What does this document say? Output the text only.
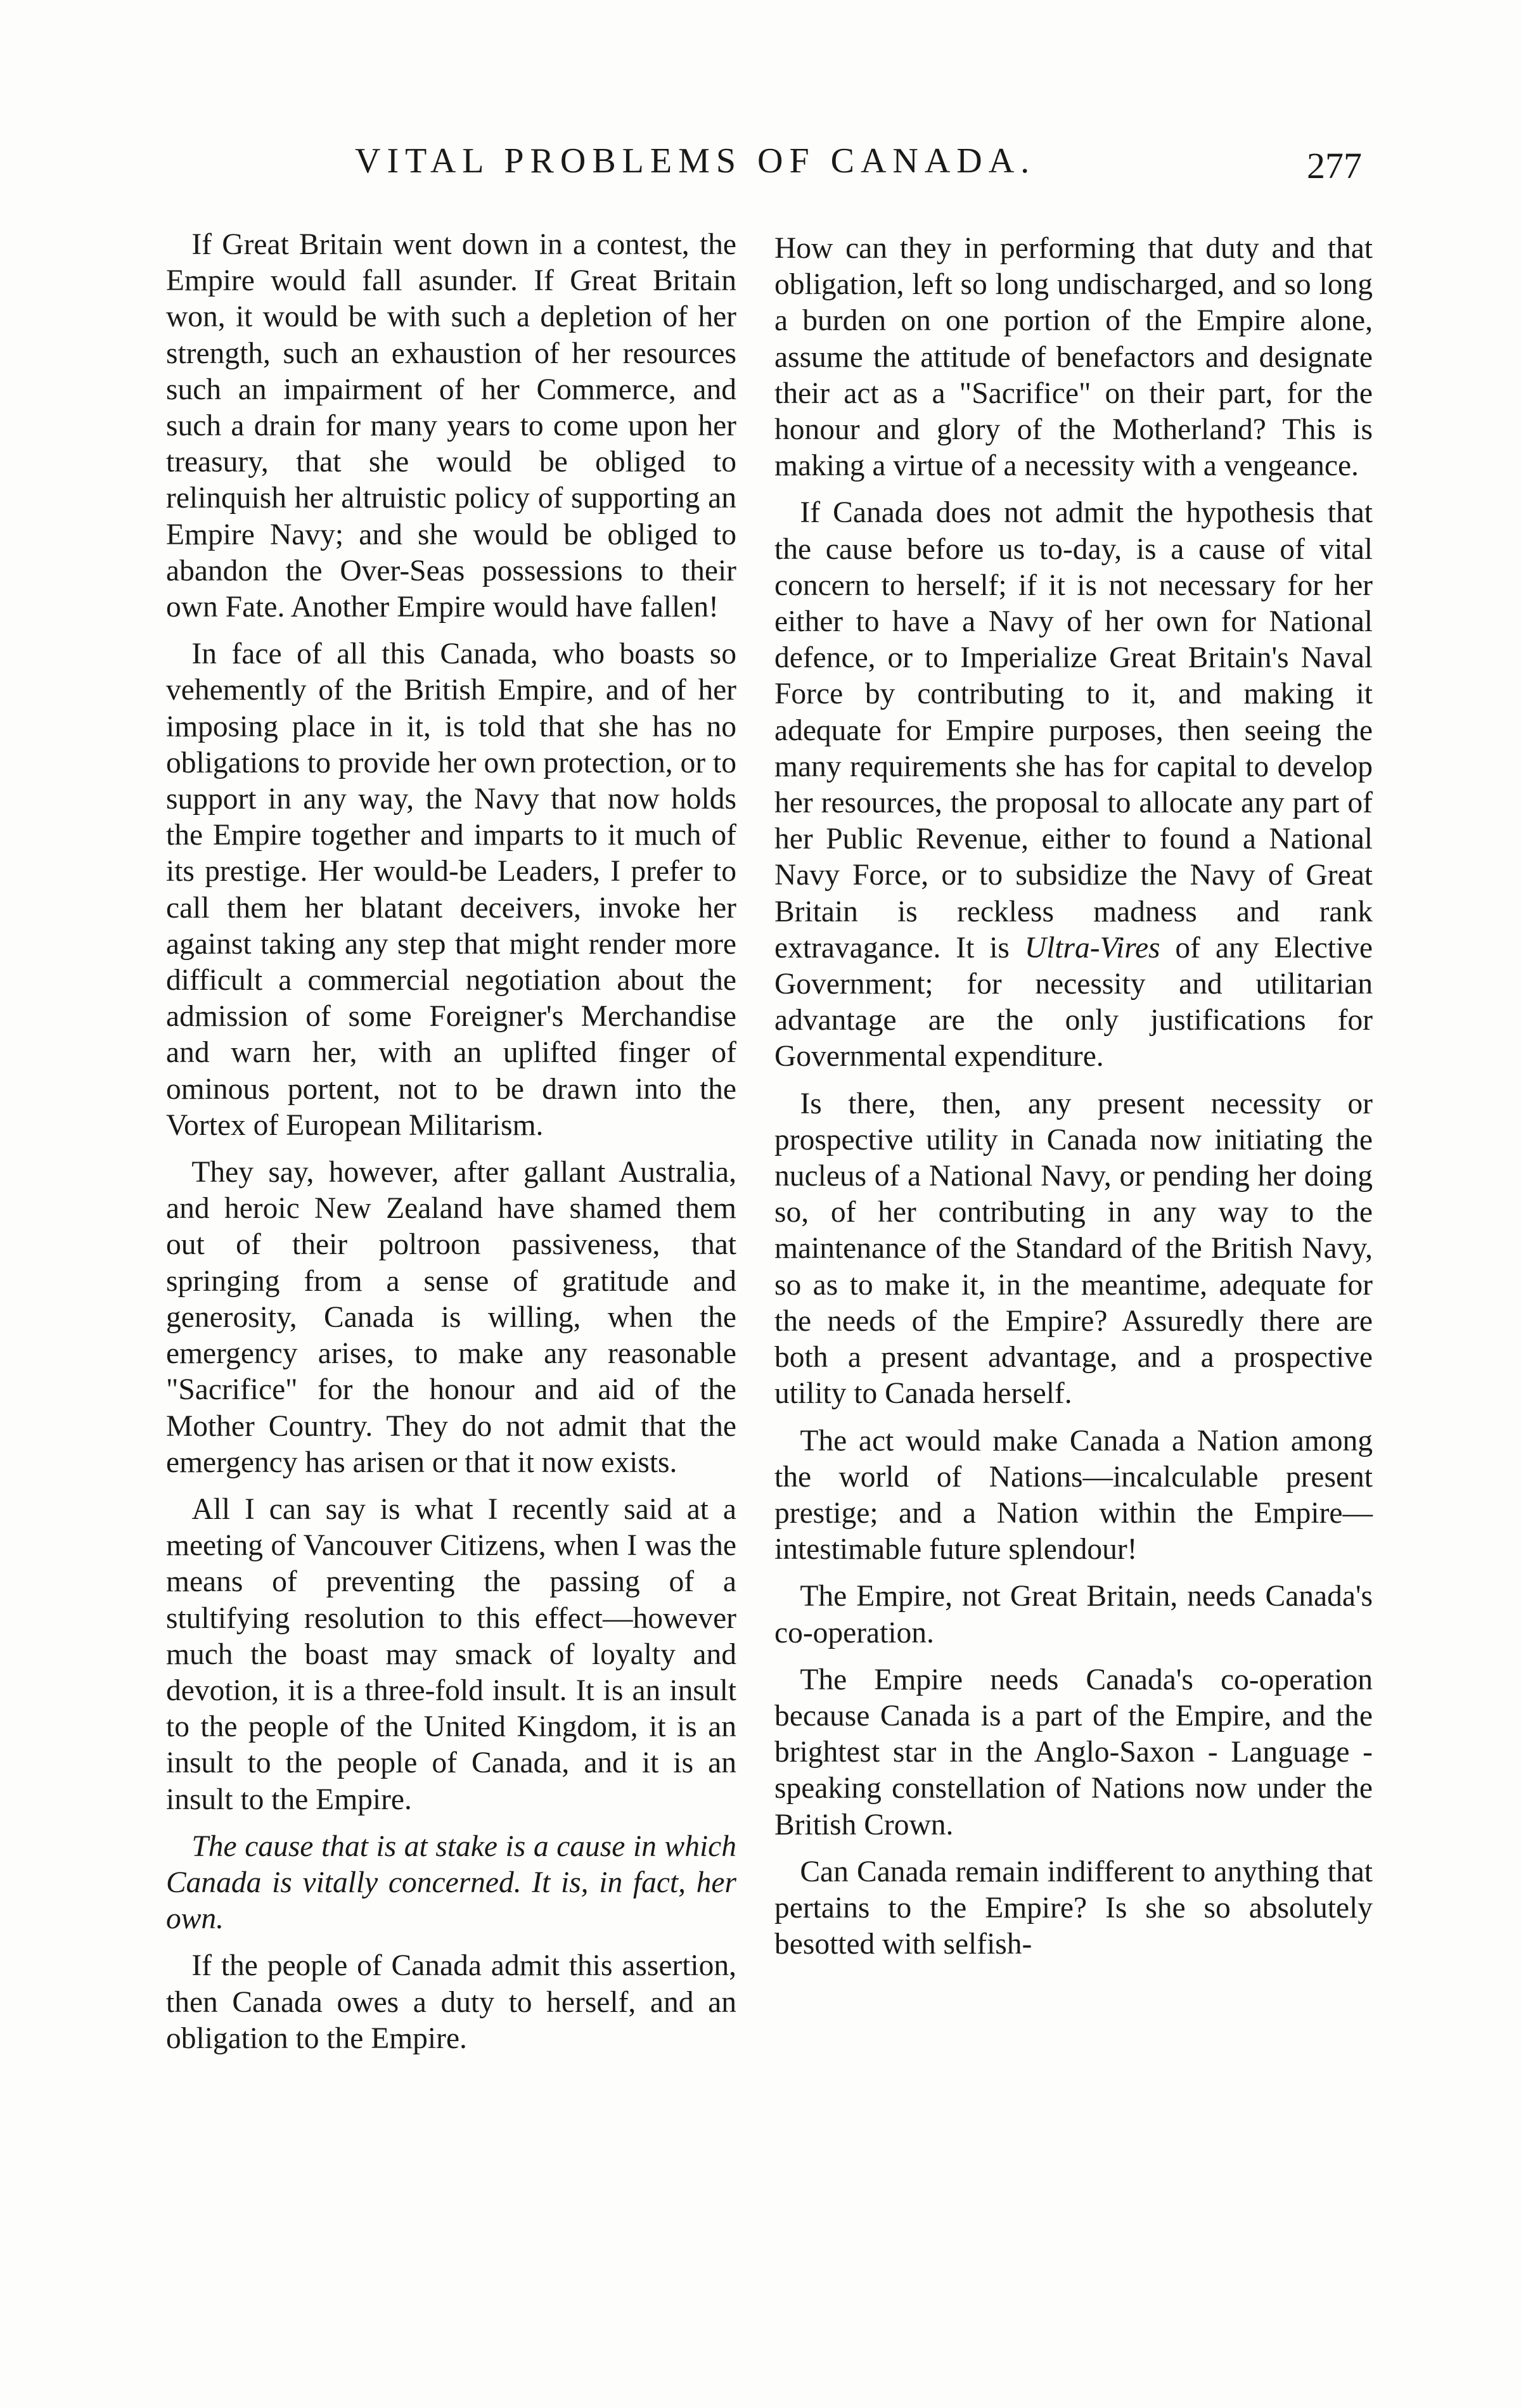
VITAL PROBLEMS OF CANADA.	277

If Great Britain went down in a contest, the Empire would fall asunder. If Great Britain won, it would be with such a depletion of her strength, such an exhaustion of her resources such an impairment of her Commerce, and such a drain for many years to come upon her treasury, that she would be obliged to relinquish her altruistic policy of supporting an Empire Navy; and she would be obliged to abandon the Over-Seas possessions to their own Fate. Another Empire would have fallen!

In face of all this Canada, who boasts so vehemently of the British Empire, and of her imposing place in it, is told that she has no obligations to provide her own protection, or to support in any way, the Navy that now holds the Empire together and imparts to it much of its prestige. Her would-be Leaders, I prefer to call them her blatant deceivers, invoke her against taking any step that might render more difficult a commercial negotiation about the admission of some Foreigner's Merchandise and warn her, with an uplifted finger of ominous portent, not to be drawn into the Vortex of European Militarism.

They say, however, after gallant Australia, and heroic New Zealand have shamed them out of their poltroon passiveness, that springing from a sense of gratitude and generosity, Canada is willing, when the emergency arises, to make any reasonable "Sacrifice" for the honour and aid of the Mother Country. They do not admit that the emergency has arisen or that it now exists.

All I can say is what I recently said at a meeting of Vancouver Citizens, when I was the means of preventing the passing of a stultifying resolution to this effect—however much the boast may smack of loyalty and devotion, it is a three-fold insult. It is an insult to the people of the United Kingdom, it is an insult to the people of Canada, and it is an insult to the Empire.

The cause that is at stake is a cause in which Canada is vitally concerned. It is, in fact, her own.

If the people of Canada admit this assertion, then Canada owes a duty to herself, and an obligation to the Empire.

How can they in performing that duty and that obligation, left so long undischarged, and so long a burden on one portion of the Empire alone, assume the attitude of benefactors and designate their act as a "Sacrifice" on their part, for the honour and glory of the Motherland? This is making a virtue of a necessity with a vengeance.

If Canada does not admit the hypothesis that the cause before us to-day, is a cause of vital concern to herself; if it is not necessary for her either to have a Navy of her own for National defence, or to Imperialize Great Britain's Naval Force by contributing to it, and making it adequate for Empire purposes, then seeing the many requirements she has for capital to develop her resources, the proposal to allocate any part of her Public Revenue, either to found a National Navy Force, or to subsidize the Navy of Great Britain is reckless madness and rank extravagance. It is Ultra-Vires of any Elective Government; for necessity and utilitarian advantage are the only justifications for Governmental expenditure.

Is there, then, any present necessity or prospective utility in Canada now initiating the nucleus of a National Navy, or pending her doing so, of her contributing in any way to the maintenance of the Standard of the British Navy, so as to make it, in the meantime, adequate for the needs of the Empire? Assuredly there are both a present advantage, and a prospective utility to Canada herself.

The act would make Canada a Nation among the world of Nations—incalculable present prestige; and a Nation within the Empire—intestimable future splendour!

The Empire, not Great Britain, needs Canada's co-operation.

The Empire needs Canada's co-operation because Canada is a part of the Empire, and the brightest star in the Anglo-Saxon - Language - speaking constellation of Nations now under the British Crown.

Can Canada remain indifferent to anything that pertains to the Empire? Is she so absolutely besotted with selfish-
